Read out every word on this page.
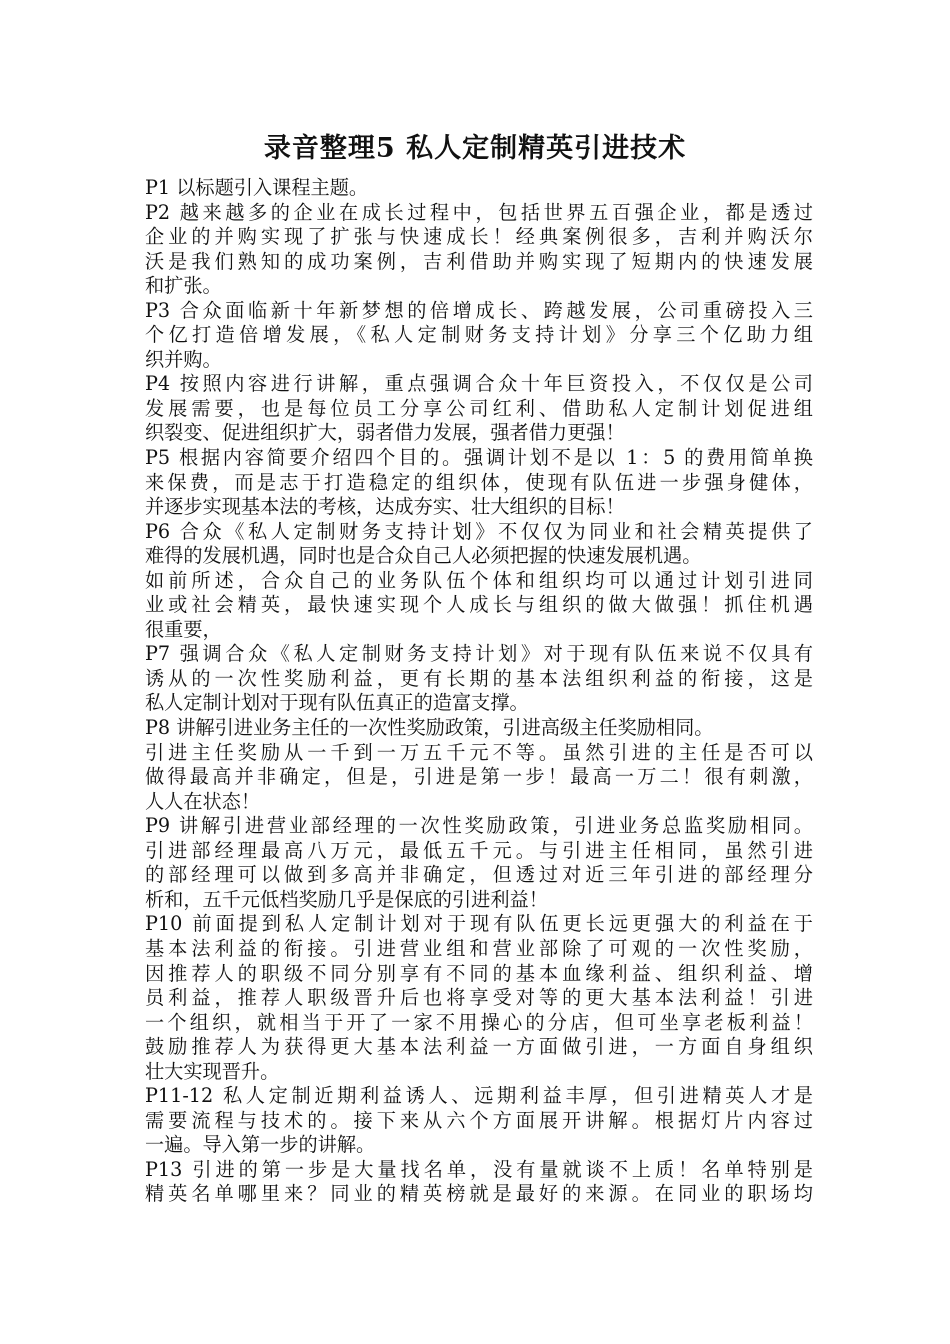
录音整理5 私人定制精英引进技术
P1 以标题引入课程主题。
P2 越来越多的企业在成长过程中，包括世界五百强企业，都是透过
企业的并购实现了扩张与快速成长！经典案例很多，吉利并购沃尔
沃是我们熟知的成功案例，吉利借助并购实现了短期内的快速发展
和扩张。
P3 合众面临新十年新梦想的倍增成长、跨越发展，公司重磅投入三
个亿打造倍增发展，《私人定制财务支持计划》分享三个亿助力组
织并购。
P4 按照内容进行讲解，重点强调合众十年巨资投入，不仅仅是公司
发展需要，也是每位员工分享公司红利、借助私人定制计划促进组
织裂变、促进组织扩大，弱者借力发展，强者借力更强！
P5 根据内容简要介绍四个目的。强调计划不是以 1：5 的费用简单换
来保费，而是志于打造稳定的组织体，使现有队伍进一步强身健体，
并逐步实现基本法的考核，达成夯实、壮大组织的目标！
P6 合众《私人定制财务支持计划》不仅仅为同业和社会精英提供了
难得的发展机遇，同时也是合众自己人必须把握的快速发展机遇。
如前所述，合众自己的业务队伍个体和组织均可以通过计划引进同
业或社会精英，最快速实现个人成长与组织的做大做强！抓住机遇
很重要，
P7 强调合众《私人定制财务支持计划》对于现有队伍来说不仅具有
诱从的一次性奖励利益，更有长期的基本法组织利益的衔接，这是
私人定制计划对于现有队伍真正的造富支撑。
P8 讲解引进业务主任的一次性奖励政策，引进高级主任奖励相同。
引进主任奖励从一千到一万五千元不等。虽然引进的主任是否可以
做得最高并非确定，但是，引进是第一步！最高一万二！很有刺激，
人人在状态！
P9 讲解引进营业部经理的一次性奖励政策，引进业务总监奖励相同。
引进部经理最高八万元，最低五千元。与引进主任相同，虽然引进
的部经理可以做到多高并非确定，但透过对近三年引进的部经理分
析和，五千元低档奖励几乎是保底的引进利益！
P10 前面提到私人定制计划对于现有队伍更长远更强大的利益在于
基本法利益的衔接。引进营业组和营业部除了可观的一次性奖励，
因推荐人的职级不同分别享有不同的基本血缘利益、组织利益、增
员利益，推荐人职级晋升后也将享受对等的更大基本法利益！引进
一个组织，就相当于开了一家不用操心的分店，但可坐享老板利益！
鼓励推荐人为获得更大基本法利益一方面做引进，一方面自身组织
壮大实现晋升。
P11-12 私人定制近期利益诱人、远期利益丰厚，但引进精英人才是
需要流程与技术的。接下来从六个方面展开讲解。根据灯片内容过
一遍。导入第一步的讲解。
P13 引进的第一步是大量找名单，没有量就谈不上质！名单特别是
精英名单哪里来？同业的精英榜就是最好的来源。在同业的职场均
